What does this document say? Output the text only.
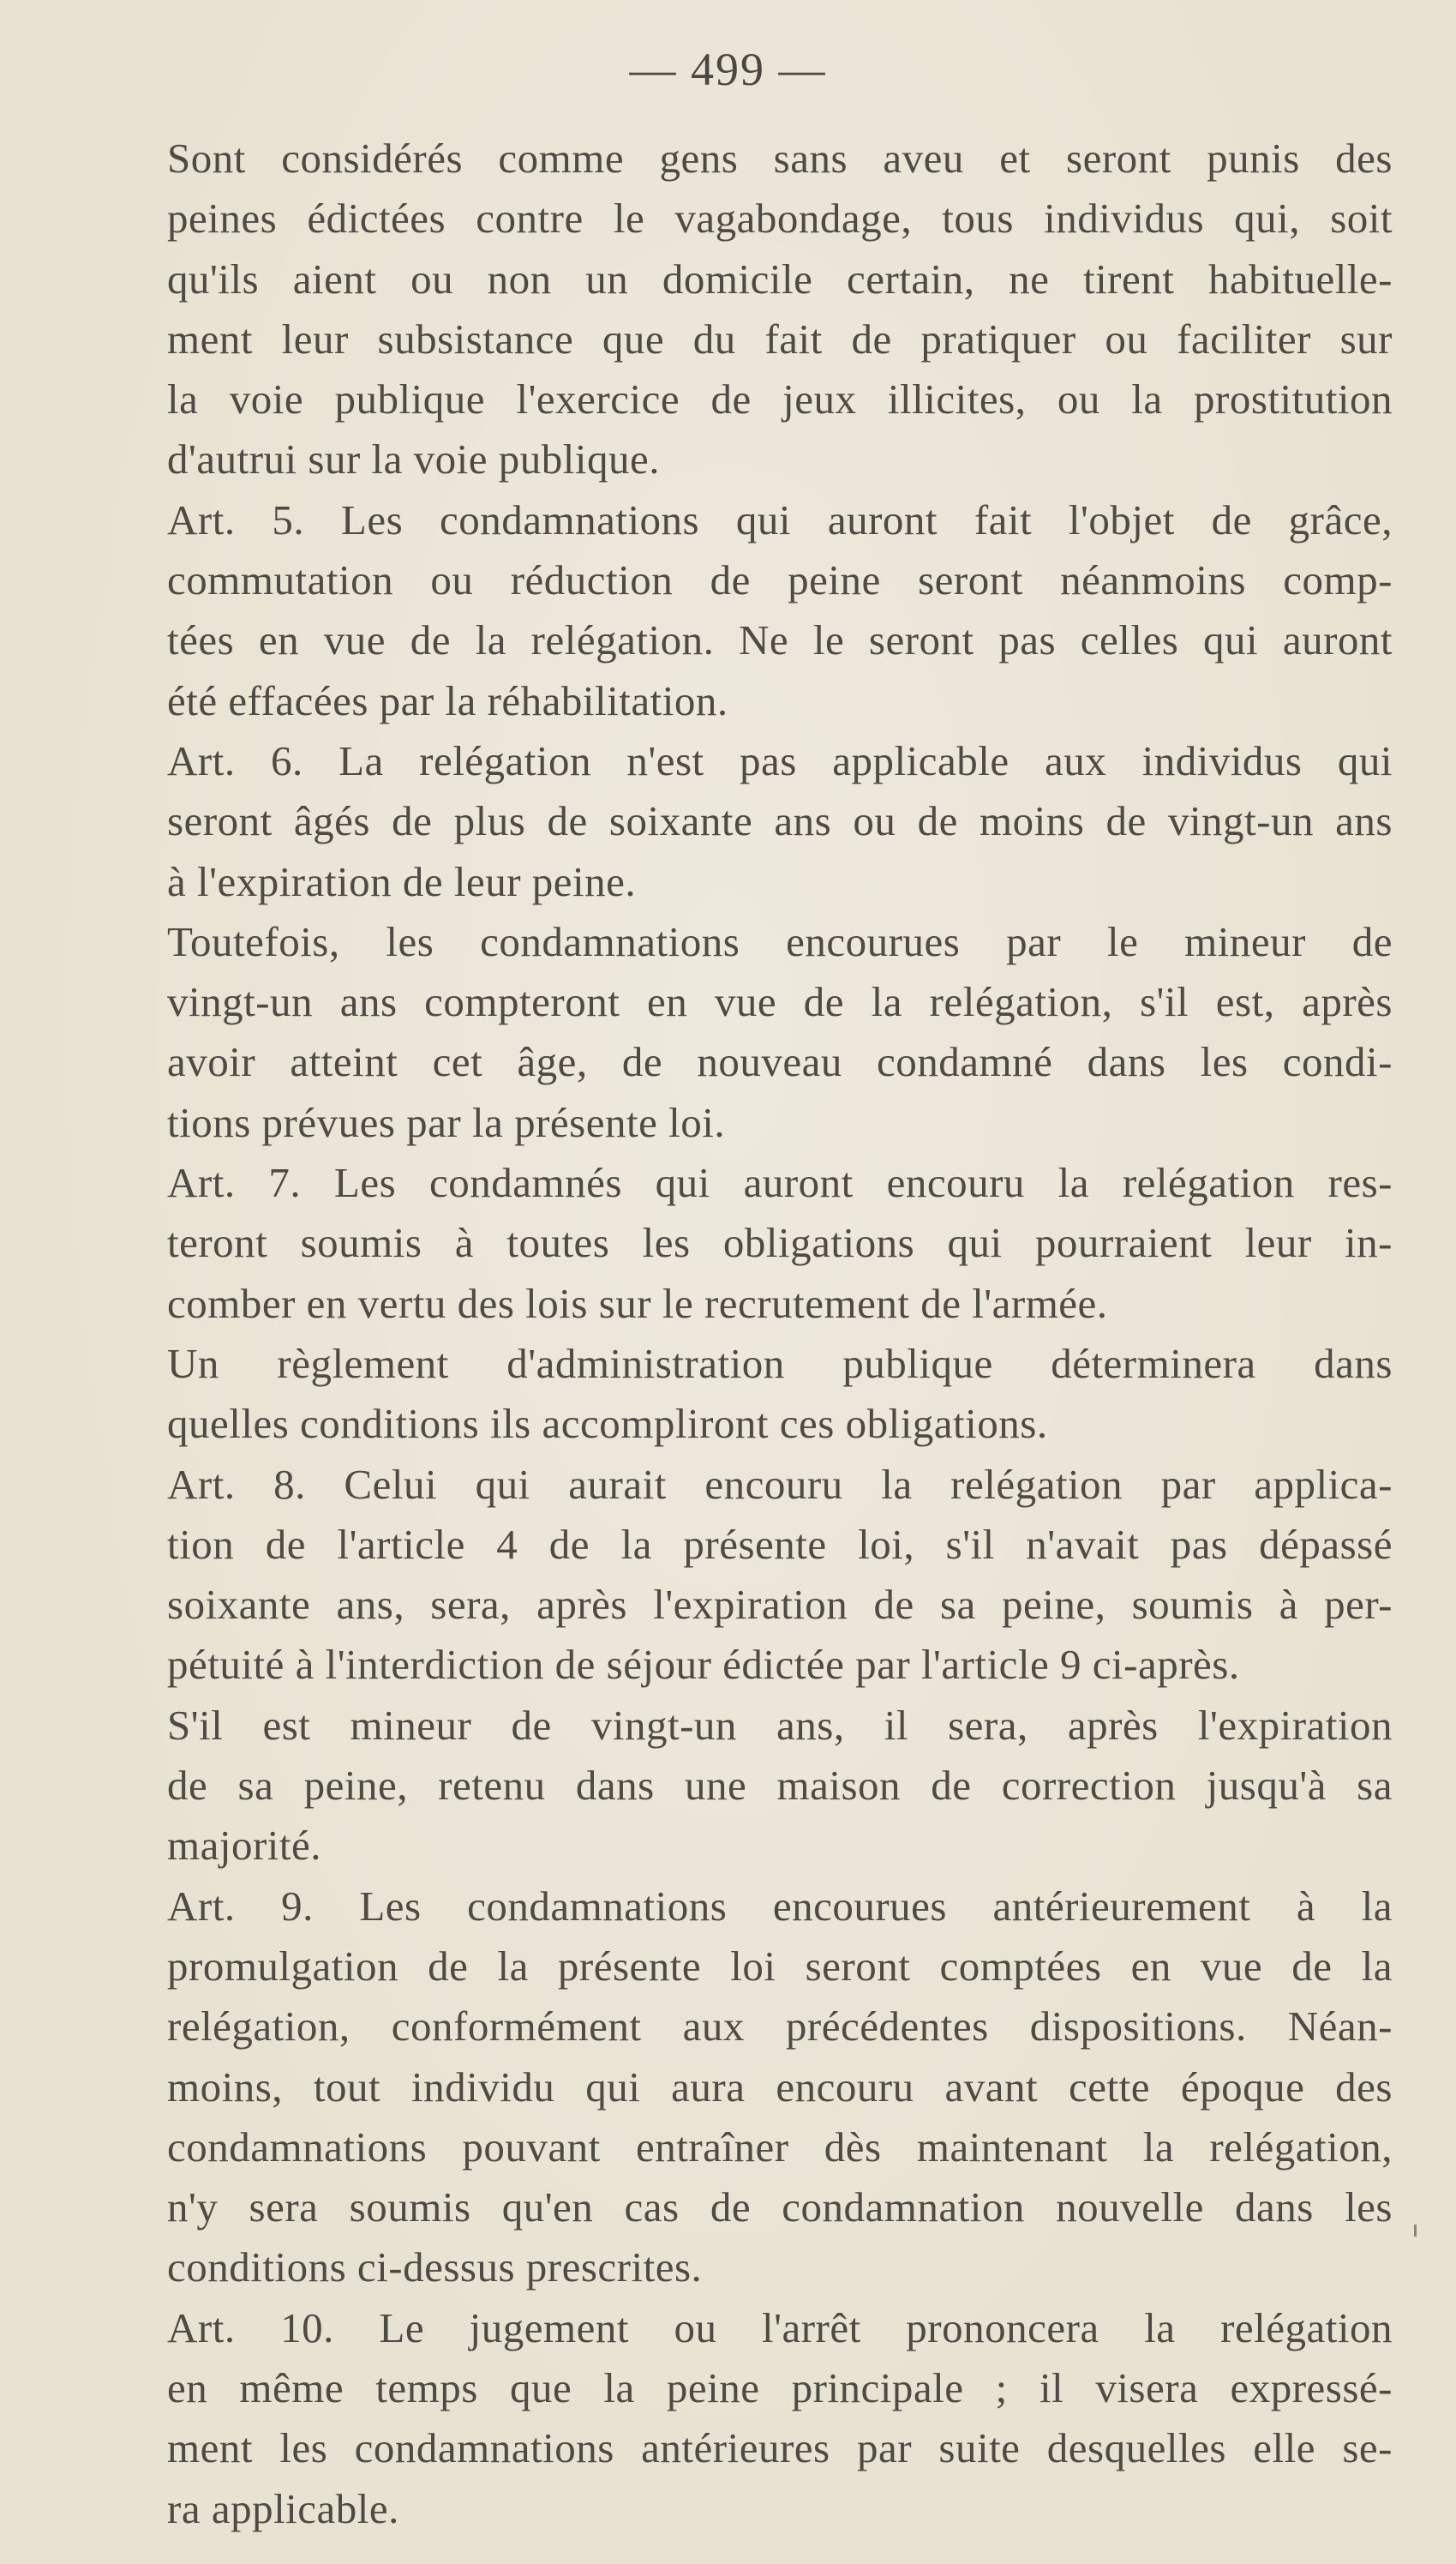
— 499 —
Sont considérés comme gens sans aveu et seront punis des
peines édictées contre le vagabondage, tous individus qui, soit
qu'ils aient ou non un domicile certain, ne tirent habituelle-
ment leur subsistance que du fait de pratiquer ou faciliter sur
la voie publique l'exercice de jeux illicites, ou la prostitution
d'autrui sur la voie publique.
Art. 5. Les condamnations qui auront fait l'objet de grâce,
commutation ou réduction de peine seront néanmoins comp-
tées en vue de la relégation. Ne le seront pas celles qui auront
été effacées par la réhabilitation.
Art. 6. La relégation n'est pas applicable aux individus qui
seront âgés de plus de soixante ans ou de moins de vingt-un ans
à l'expiration de leur peine.
Toutefois, les condamnations encourues par le mineur de
vingt-un ans compteront en vue de la relégation, s'il est, après
avoir atteint cet âge, de nouveau condamné dans les condi-
tions prévues par la présente loi.
Art. 7. Les condamnés qui auront encouru la relégation res-
teront soumis à toutes les obligations qui pourraient leur in-
comber en vertu des lois sur le recrutement de l'armée.
Un règlement d'administration publique déterminera dans
quelles conditions ils accompliront ces obligations.
Art. 8. Celui qui aurait encouru la relégation par applica-
tion de l'article 4 de la présente loi, s'il n'avait pas dépassé
soixante ans, sera, après l'expiration de sa peine, soumis à per-
pétuité à l'interdiction de séjour édictée par l'article 9 ci-après.
S'il est mineur de vingt-un ans, il sera, après l'expiration
de sa peine, retenu dans une maison de correction jusqu'à sa
majorité.
Art. 9. Les condamnations encourues antérieurement à la
promulgation de la présente loi seront comptées en vue de la
relégation, conformément aux précédentes dispositions. Néan-
moins, tout individu qui aura encouru avant cette époque des
condamnations pouvant entraîner dès maintenant la relégation,
n'y sera soumis qu'en cas de condamnation nouvelle dans les
conditions ci-dessus prescrites.
Art. 10. Le jugement ou l'arrêt prononcera la relégation
en même temps que la peine principale ; il visera expressé-
ment les condamnations antérieures par suite desquelles elle se-
ra applicable.
